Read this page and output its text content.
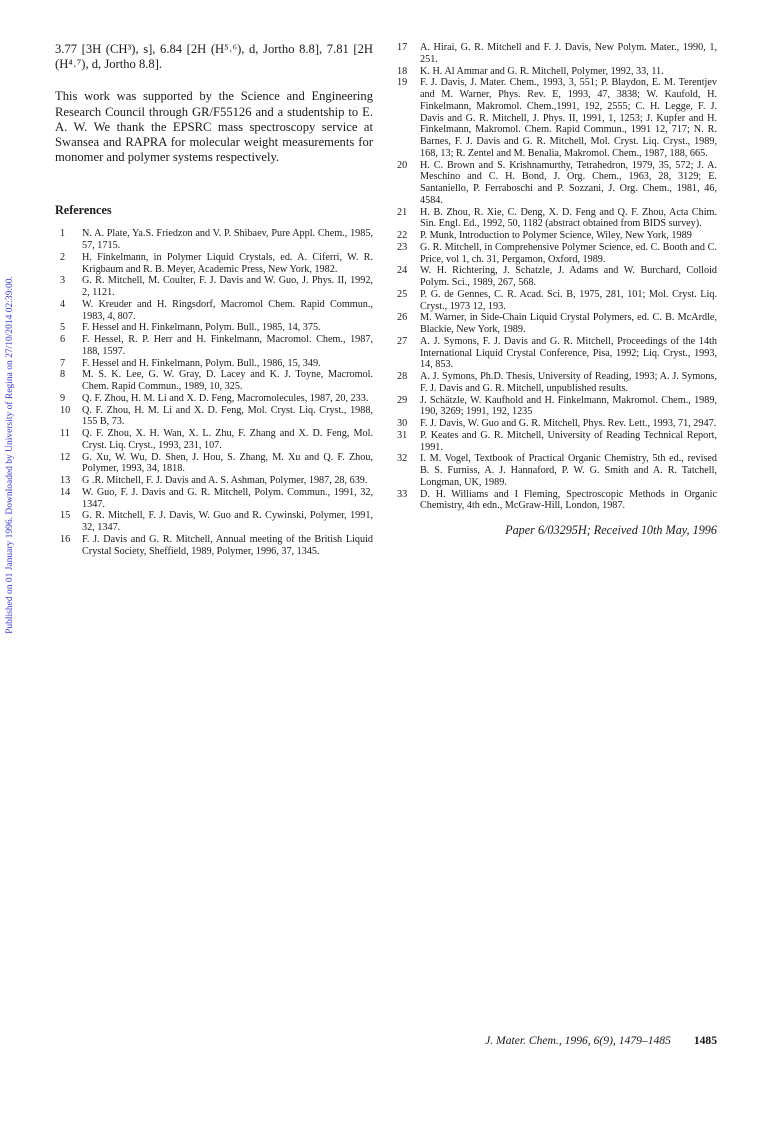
Published on 01 January 1996. Downloaded by University of Regina on 27/10/2014 02:39:00.

3.77 [3H (CH³), s], 6.84 [2H (H⁵˒⁶), d, Jortho 8.8], 7.81 [2H (H⁴˒⁷), d, Jortho 8.8].

This work was supported by the Science and Engineering Research Council through GR/F55126 and a studentship to E. A. W. We thank the EPSRC mass spectroscopy service at Swansea and RAPRA for molecular weight measurements for monomer and polymer systems respectively.

References
1	N. A. Plate, Ya.S. Friedzon and V. P. Shibaev, Pure Appl. Chem., 1985, 57, 1715.
2	H. Finkelmann, in Polymer Liquid Crystals, ed. A. Ciferri, W. R. Krigbaum and R. B. Meyer, Academic Press, New York, 1982.
3	G. R. Mitchell, M. Coulter, F. J. Davis and W. Guo, J. Phys. II, 1992, 2, 1121.
4	W. Kreuder and H. Ringsdorf, Macromol Chem. Rapid Commun., 1983, 4, 807.
5	F. Hessel and H. Finkelmann, Polym. Bull., 1985, 14, 375.
6	F. Hessel, R. P. Herr and H. Finkelmann, Macromol. Chem., 1987, 188, 1597.
7	F. Hessel and H. Finkelmann, Polym. Bull., 1986, 15, 349.
8	M. S. K. Lee, G. W. Gray, D. Lacey and K. J. Toyne, Macromol. Chem. Rapid Commun., 1989, 10, 325.
9	Q. F. Zhou, H. M. Li and X. D. Feng, Macromolecules, 1987, 20, 233.
10 Q. F. Zhou, H. M. Li and X. D. Feng, Mol. Cryst. Liq. Cryst., 1988, 155 B, 73.
11 Q. F. Zhou, X. H. Wan, X. L. Zhu, F. Zhang and X. D. Feng, Mol. Cryst. Liq. Cryst., 1993, 231, 107.
12 G. Xu, W. Wu, D. Shen, J. Hou, S. Zhang, M. Xu and Q. F. Zhou, Polymer, 1993, 34, 1818.
13 G .R. Mitchell, F. J. Davis and A. S. Ashman, Polymer, 1987, 28, 639.
14 W. Guo, F. J. Davis and G. R. Mitchell, Polym. Commun., 1991, 32, 1347.
15 G. R. Mitchell, F. J. Davis, W. Guo and R. Cywinski, Polymer, 1991, 32, 1347.
16 F. J. Davis and G. R. Mitchell, Annual meeting of the British Liquid Crystal Society, Sheffield, 1989, Polymer, 1996, 37, 1345.
17 A. Hirai, G. R. Mitchell and F. J. Davis, New Polym. Mater., 1990, 1, 251.
18 K. H. Al Ammar and G. R. Mitchell, Polymer, 1992, 33, 11.
19 F. J. Davis, J. Mater. Chem., 1993, 3, 551; P. Blaydon, E. M. Terentjev and M. Warner, Phys. Rev. E, 1993, 47, 3838; W. Kaufold, H. Finkelmann, Makromol. Chem.,1991, 192, 2555; C. H. Legge, F. J. Davis and G. R. Mitchell, J. Phys. II, 1991, 1, 1253; J. Kupfer and H. Finkelmann, Makromol. Chem. Rapid Commun., 1991 12, 717; N. R. Barnes, F. J. Davis and G. R. Mitchell, Mol. Cryst. Liq. Cryst., 1989, 168, 13; R. Zentel and M. Benalia, Makromol. Chem., 1987, 188, 665.
20 H. C. Brown and S. Krishnamurthy, Tetrahedron, 1979, 35, 572; J. A. Meschino and C. H. Bond, J. Org. Chem., 1963, 28, 3129; E. Santaniello, P. Ferraboschi and P. Sozzani, J. Org. Chem., 1981, 46, 4584.
21 H. B. Zhou, R. Xie, C. Deng, X. D. Feng and Q. F. Zhou, Acta Chim. Sin. Engl. Ed., 1992, 50, 1182 (abstract obtained from BIDS survey).
22 P. Munk, Introduction to Polymer Science, Wiley, New York, 1989
23 G. R. Mitchell, in Comprehensive Polymer Science, ed. C. Booth and C. Price, vol 1, ch. 31, Pergamon, Oxford, 1989.
24 W. H. Richtering, J. Schatzle, J. Adams and W. Burchard, Colloid Polym. Sci., 1989, 267, 568.
25 P. G. de Gennes, C. R. Acad. Sci. B, 1975, 281, 101; Mol. Cryst. Liq. Cryst., 1973 12, 193.
26 M. Warner, in Side-Chain Liquid Crystal Polymers, ed. C. B. McArdle, Blackie, New York, 1989.
27 A. J. Symons, F. J. Davis and G. R. Mitchell, Proceedings of the 14th International Liquid Crystal Conference, Pisa, 1992; Liq. Cryst., 1993, 14, 853.
28 A. J. Symons, Ph.D. Thesis, University of Reading, 1993; A. J. Symons, F. J. Davis and G. R. Mitchell, unpublished results.
29 J. Schätzle, W. Kaufhold and H. Finkelmann, Makromol. Chem., 1989, 190, 3269; 1991, 192, 1235
30 F. J. Davis, W. Guo and G. R. Mitchell, Phys. Rev. Lett., 1993, 71, 2947.
31 P. Keates and G. R. Mitchell, University of Reading Technical Report, 1991.
32 I. M. Vogel, Textbook of Practical Organic Chemistry, 5th ed., revised B. S. Furniss, A. J. Hannaford, P. W. G. Smith and A. R. Tatchell, Longman, UK, 1989.
33 D. H. Williams and I Fleming, Spectroscopic Methods in Organic Chemistry, 4th edn., McGraw-Hill, London, 1987.
Paper 6/03295H; Received 10th May, 1996
J. Mater. Chem., 1996, 6(9), 1479–1485 1485
